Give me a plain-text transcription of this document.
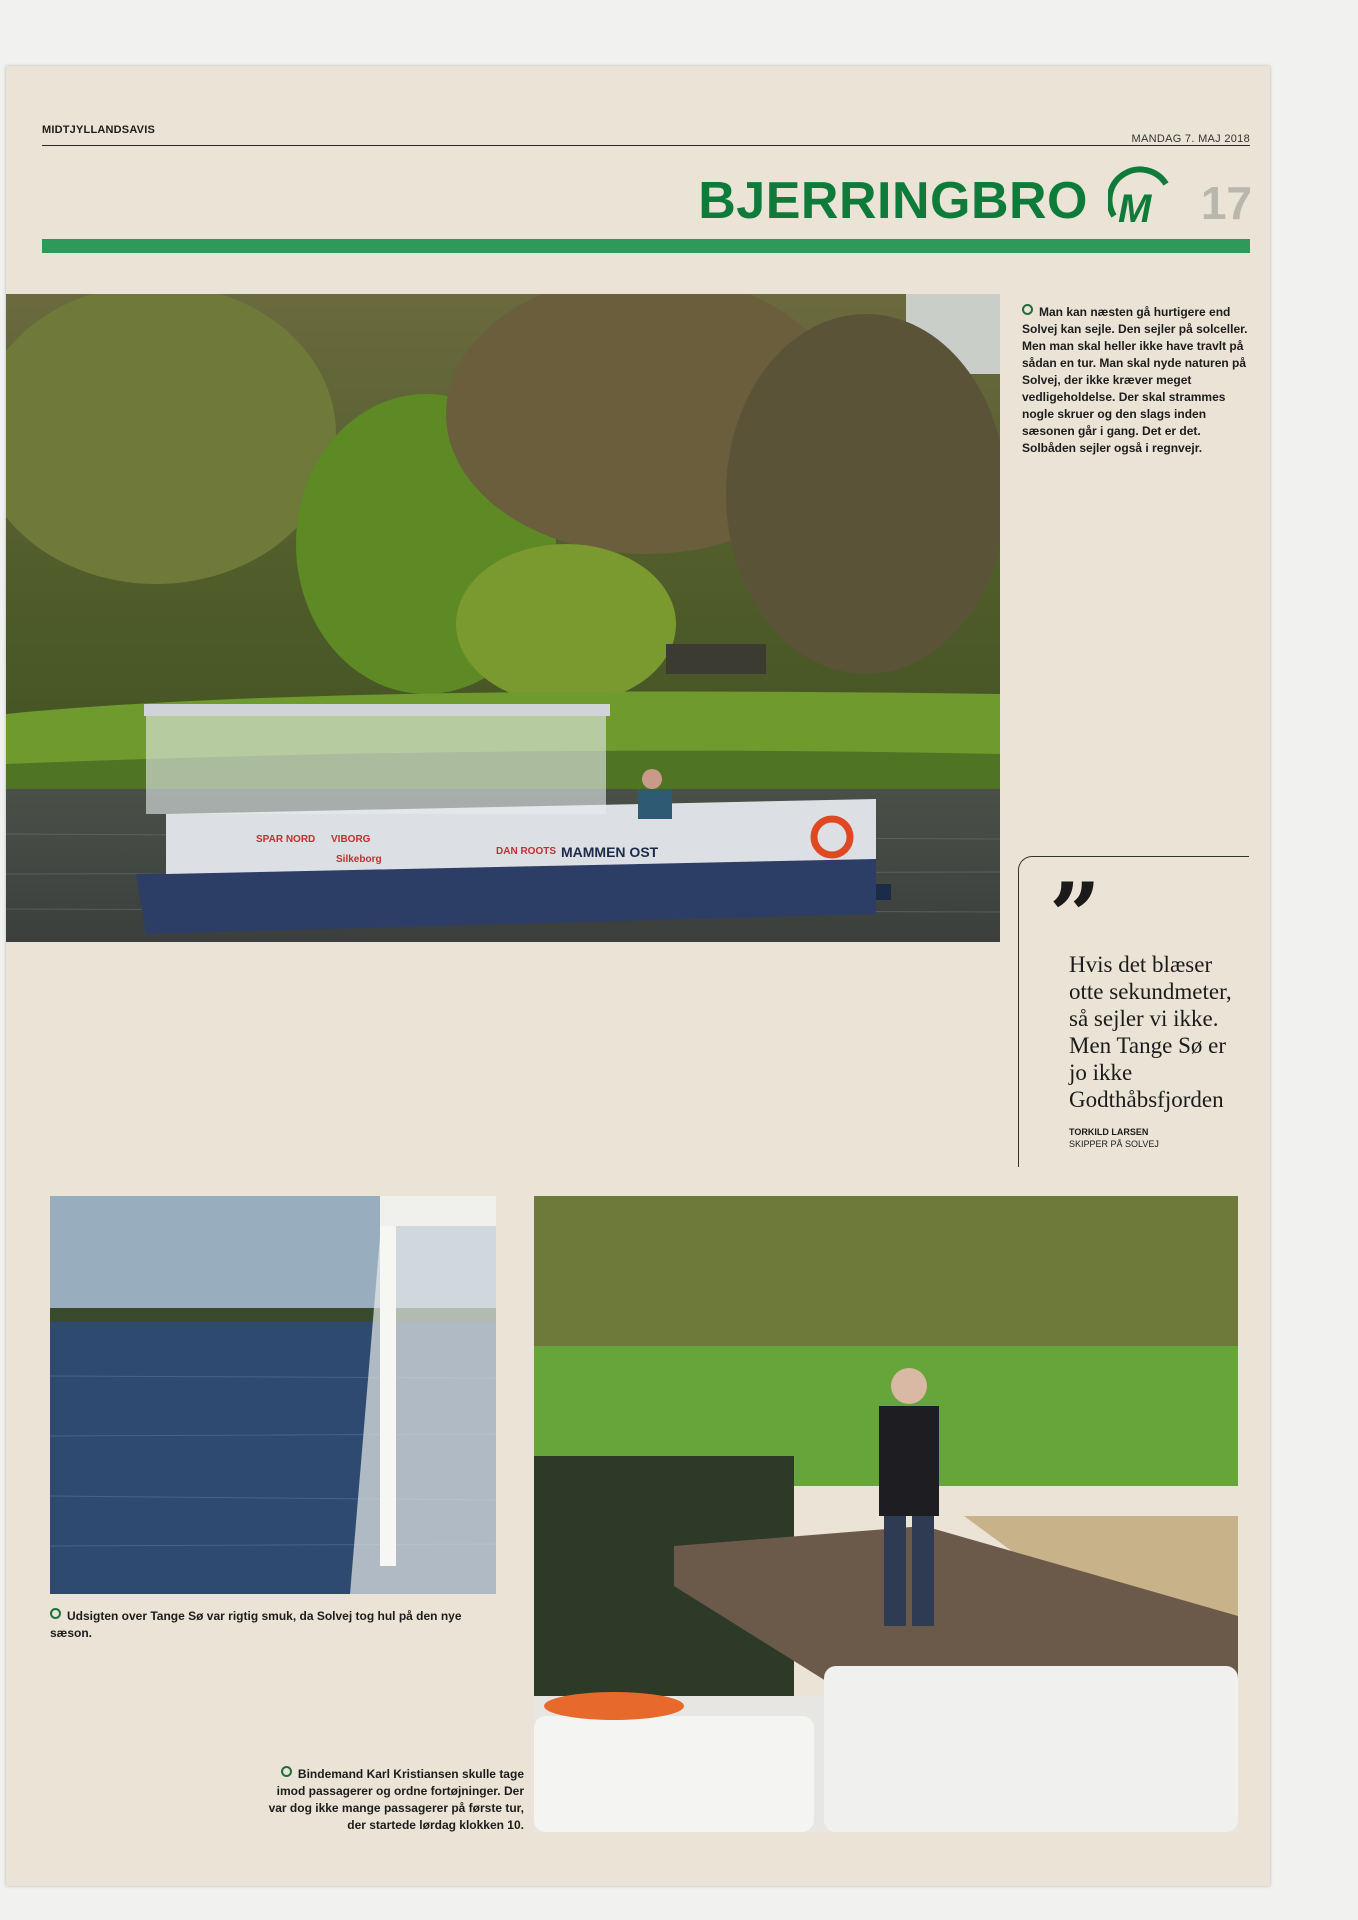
MIDTJYLLANDSAVIS
MANDAG 7. MAJ 2018
BJERRINGBRO M 17
SPAR NORD VIBORG
DAN ROOTS MAMMEN OST
Silkeborg
Man kan næsten gå hurtigere end Solvej kan sejle. Den sejler på solceller. Men man skal heller ikke have travlt på sådan en tur. Man skal nyde naturen på Solvej, der ikke kræver meget vedligeholdelse. Der skal strammes nogle skruer og den slags inden sæsonen går i gang. Det er det. Solbåden sejler også i regnvejr.
”
Hvis det blæser otte sekundmeter, så sejler vi ikke. Men Tange Sø er jo ikke Godthåbsfjorden
TORKILD LARSEN
SKIPPER PÅ SOLVEJ
Udsigten over Tange Sø var rigtig smuk, da Solvej tog hul på den nye sæson.
Bindemand Karl Kristiansen skulle tage imod passagerer og ordne fortøjninger. Der var dog ikke mange passagerer på første tur, der startede lørdag klokken 10.
